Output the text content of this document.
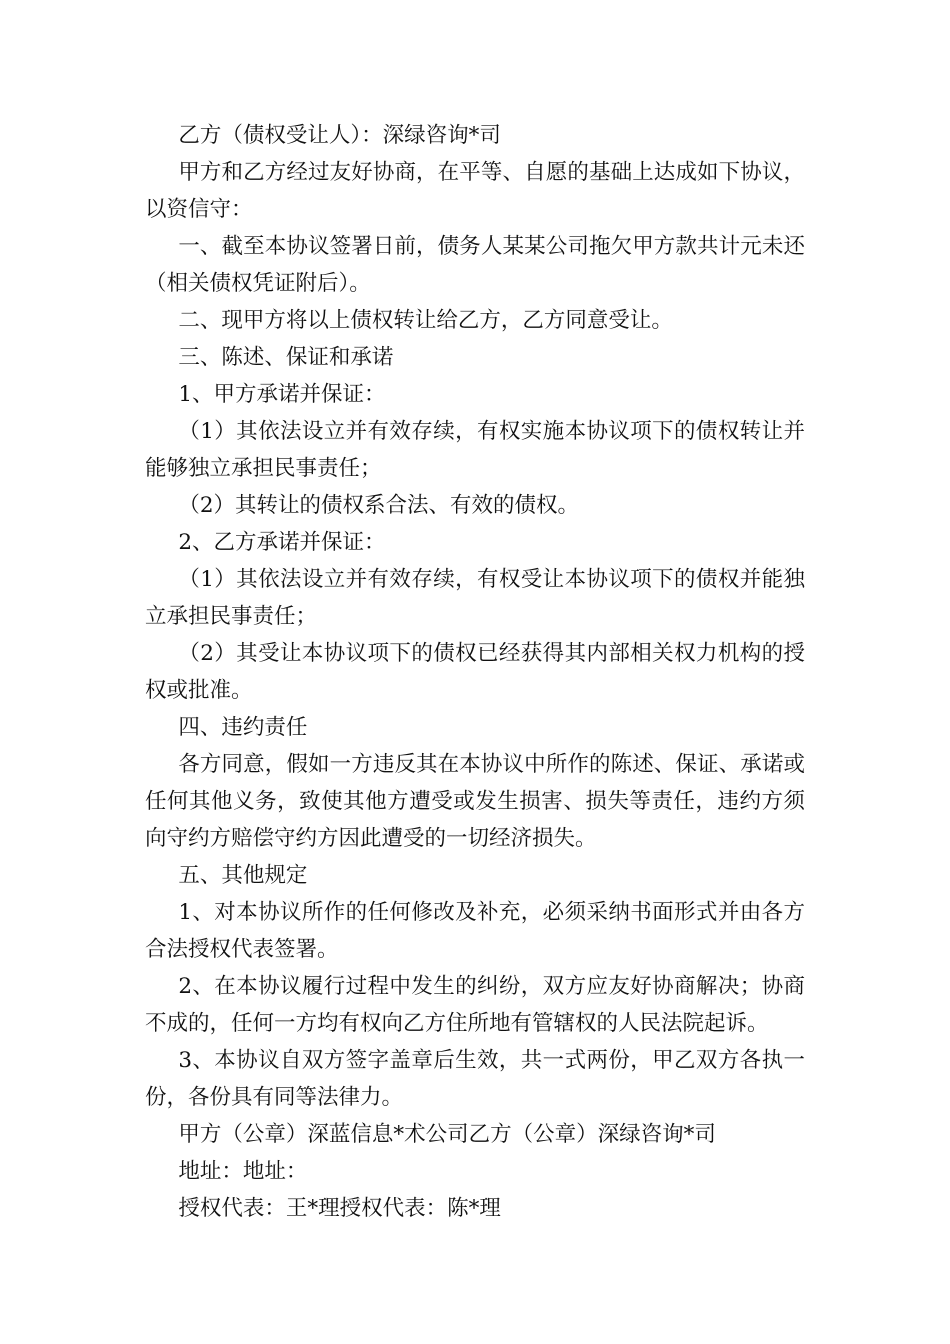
乙方（债权受让人）：深绿咨询*司

甲方和乙方经过友好协商，在平等、自愿的基础上达成如下协议，以资信守：

一、截至本协议签署日前，债务人某某公司拖欠甲方款共计元未还（相关债权凭证附后）。

二、现甲方将以上债权转让给乙方，乙方同意受让。

三、陈述、保证和承诺

1、甲方承诺并保证：

（1）其依法设立并有效存续，有权实施本协议项下的债权转让并能够独立承担民事责任；

（2）其转让的债权系合法、有效的债权。

2、乙方承诺并保证：

（1）其依法设立并有效存续，有权受让本协议项下的债权并能独立承担民事责任；

（2）其受让本协议项下的债权已经获得其内部相关权力机构的授权或批准。

四、违约责任

各方同意，假如一方违反其在本协议中所作的陈述、保证、承诺或任何其他义务，致使其他方遭受或发生损害、损失等责任，违约方须向守约方赔偿守约方因此遭受的一切经济损失。

五、其他规定

1、对本协议所作的任何修改及补充，必须采纳书面形式并由各方合法授权代表签署。

2、在本协议履行过程中发生的纠纷，双方应友好协商解决；协商不成的，任何一方均有权向乙方住所地有管辖权的人民法院起诉。

3、本协议自双方签字盖章后生效，共一式两份，甲乙双方各执一份，各份具有同等法律力。

甲方（公章）深蓝信息*术公司乙方（公章）深绿咨询*司

地址：地址：

授权代表：王*理授权代表：陈*理
